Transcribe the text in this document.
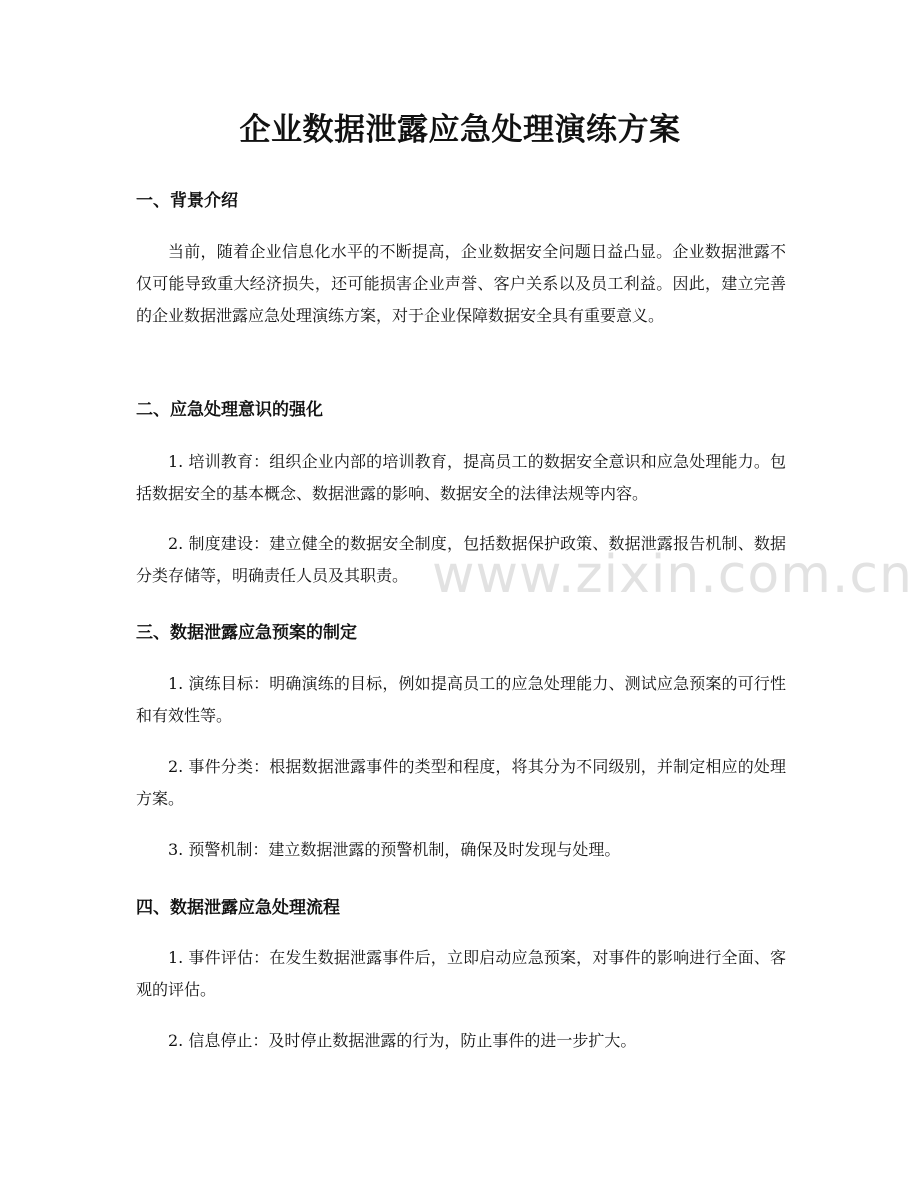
企业数据泄露应急处理演练方案
一、背景介绍

当前，随着企业信息化水平的不断提高，企业数据安全问题日益凸显。企业数据泄露不仅可能导致重大经济损失，还可能损害企业声誉、客户关系以及员工利益。因此，建立完善的企业数据泄露应急处理演练方案，对于企业保障数据安全具有重要意义。

二、应急处理意识的强化

1. 培训教育：组织企业内部的培训教育，提高员工的数据安全意识和应急处理能力。包括数据安全的基本概念、数据泄露的影响、数据安全的法律法规等内容。

2. 制度建设：建立健全的数据安全制度，包括数据保护政策、数据泄露报告机制、数据分类存储等，明确责任人员及其职责。

三、数据泄露应急预案的制定

1. 演练目标：明确演练的目标，例如提高员工的应急处理能力、测试应急预案的可行性和有效性等。

2. 事件分类：根据数据泄露事件的类型和程度，将其分为不同级别，并制定相应的处理方案。

3. 预警机制：建立数据泄露的预警机制，确保及时发现与处理。

四、数据泄露应急处理流程

1. 事件评估：在发生数据泄露事件后，立即启动应急预案，对事件的影响进行全面、客观的评估。

2. 信息停止：及时停止数据泄露的行为，防止事件的进一步扩大。

www.zixin.com.cn
